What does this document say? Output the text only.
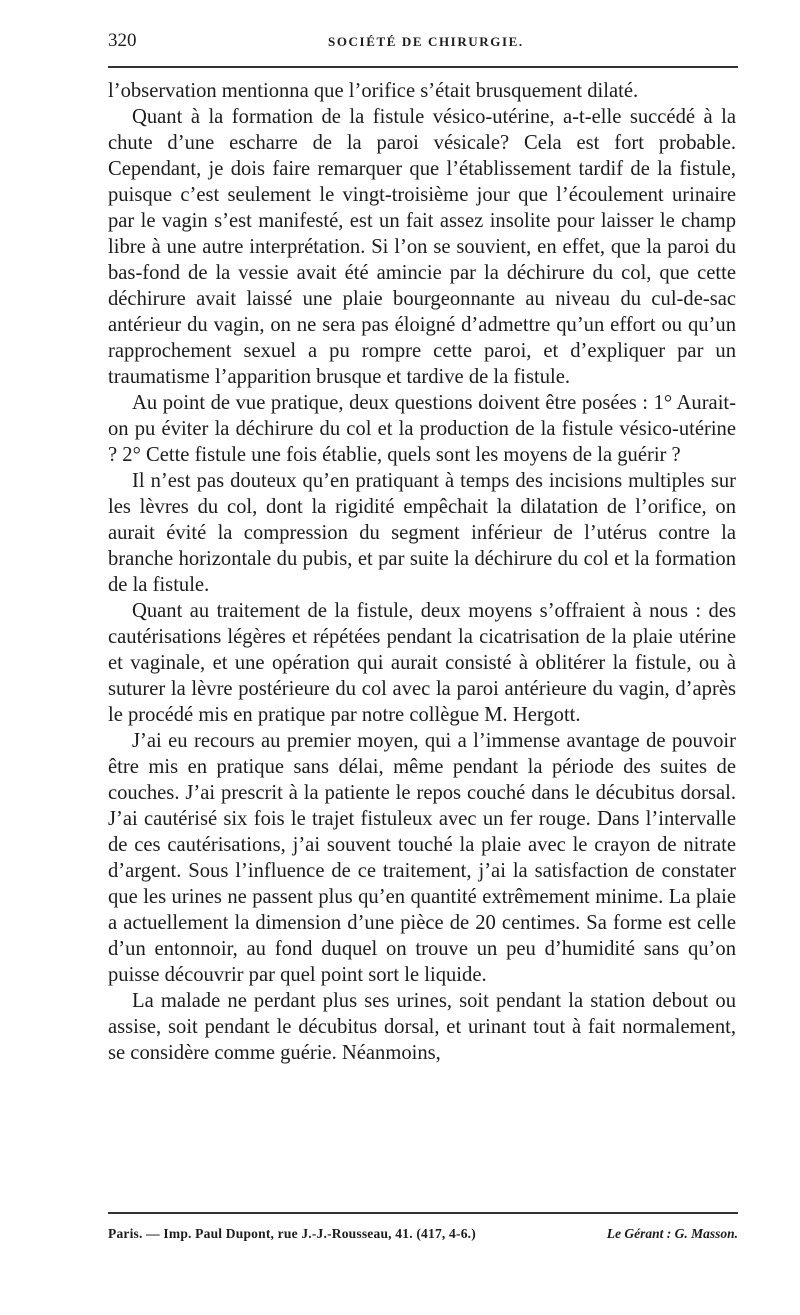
320	SOCIÉTÉ DE CHIRURGIE.

l’observation mentionna que l’orifice s’était brusquement dilaté.

Quant à la formation de la fistule vésico-utérine, a-t-elle succédé à la chute d’une escharre de la paroi vésicale? Cela est fort probable. Cependant, je dois faire remarquer que l’établissement tardif de la fistule, puisque c’est seulement le vingt-troisième jour que l’écoulement urinaire par le vagin s’est manifesté, est un fait assez insolite pour laisser le champ libre à une autre interprétation. Si l’on se souvient, en effet, que la paroi du bas-fond de la vessie avait été amincie par la déchirure du col, que cette déchirure avait laissé une plaie bourgeonnante au niveau du cul-de-sac antérieur du vagin, on ne sera pas éloigné d’admettre qu’un effort ou qu’un rapprochement sexuel a pu rompre cette paroi, et d’expliquer par un traumatisme l’apparition brusque et tardive de la fistule.

Au point de vue pratique, deux questions doivent être posées : 1° Aurait-on pu éviter la déchirure du col et la production de la fistule vésico-utérine ? 2° Cette fistule une fois établie, quels sont les moyens de la guérir ?

Il n’est pas douteux qu’en pratiquant à temps des incisions multiples sur les lèvres du col, dont la rigidité empêchait la dilatation de l’orifice, on aurait évité la compression du segment inférieur de l’utérus contre la branche horizontale du pubis, et par suite la déchirure du col et la formation de la fistule.

Quant au traitement de la fistule, deux moyens s’offraient à nous : des cautérisations légères et répétées pendant la cicatrisation de la plaie utérine et vaginale, et une opération qui aurait consisté à oblitérer la fistule, ou à suturer la lèvre postérieure du col avec la paroi antérieure du vagin, d’après le procédé mis en pratique par notre collègue M. Hergott.

J’ai eu recours au premier moyen, qui a l’immense avantage de pouvoir être mis en pratique sans délai, même pendant la période des suites de couches. J’ai prescrit à la patiente le repos couché dans le décubitus dorsal. J’ai cautérisé six fois le trajet fistuleux avec un fer rouge. Dans l’intervalle de ces cautérisations, j’ai souvent touché la plaie avec le crayon de nitrate d’argent. Sous l’influence de ce traitement, j’ai la satisfaction de constater que les urines ne passent plus qu’en quantité extrêmement minime. La plaie a actuellement la dimension d’une pièce de 20 centimes. Sa forme est celle d’un entonnoir, au fond duquel on trouve un peu d’humidité sans qu’on puisse découvrir par quel point sort le liquide.

La malade ne perdant plus ses urines, soit pendant la station debout ou assise, soit pendant le décubitus dorsal, et urinant tout à fait normalement, se considère comme guérie. Néanmoins,

Paris. — Imp. Paul Dupont, rue J.-J.-Rousseau, 41. (417, 4-6.)	Le Gérant : G. Masson.
